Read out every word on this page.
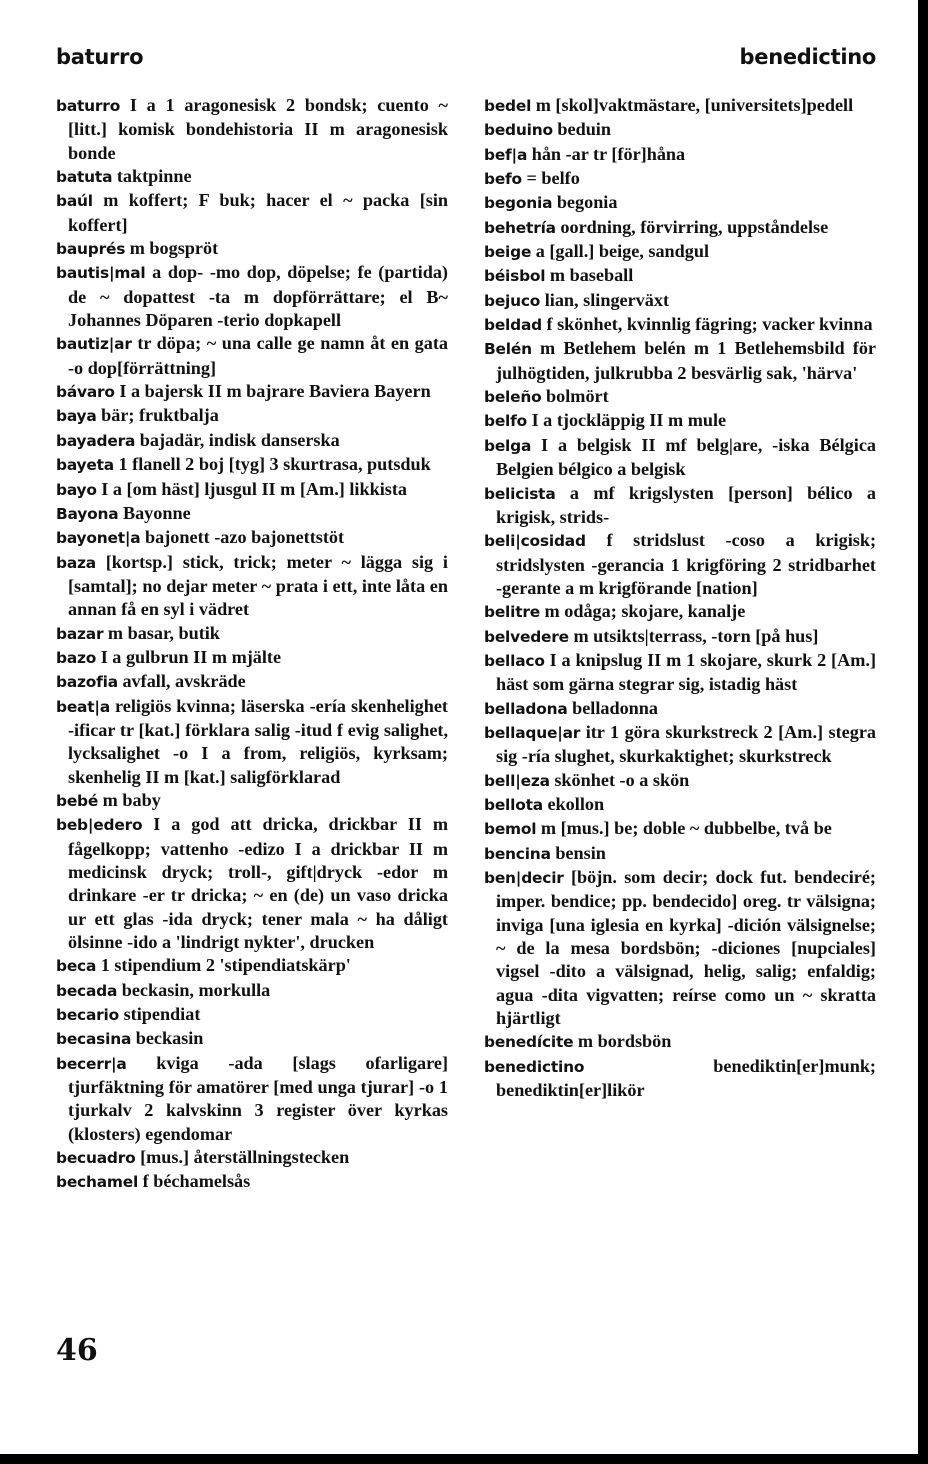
baturro	benedictino

baturro I a 1 aragonesisk 2 bondsk; cuento ~ [litt.] komisk bondehistoria II m aragonesisk bonde

batuta taktpinne

baúl m koffert; F buk; hacer el ~ packa [sin koffert]

bauprés m bogspröt

bautis|mal a dop- -mo dop, döpelse; fe (partida) de ~ dopattest -ta m dopförrättare; el B~ Johannes Döparen -terio dopkapell

bautiz|ar tr döpa; ~ una calle ge namn åt en gata -o dop[förrättning]

bávaro I a bajersk II m bajrare Baviera Bayern

baya bär; fruktbalja

bayadera bajadär, indisk danserska

bayeta 1 flanell 2 boj [tyg] 3 skurtrasa, putsduk

bayo I a [om häst] ljusgul II m [Am.] likkista

Bayona Bayonne

bayonet|a bajonett -azo bajonettstöt

baza [kortsp.] stick, trick; meter ~ lägga sig i [samtal]; no dejar meter ~ prata i ett, inte låta en annan få en syl i vädret

bazar m basar, butik

bazo I a gulbrun II m mjälte

bazofia avfall, avskräde

beat|a religiös kvinna; läserska -ería skenhelighet -ificar tr [kat.] förklara salig -itud f evig salighet, lycksalighet -o I a from, religiös, kyrksam; skenhelig II m [kat.] saligförklarad

bebé m baby

beb|edero I a god att dricka, drickbar II m fågelkopp; vattenho -edizo I a drickbar II m medicinsk dryck; troll-, gift|dryck -edor m drinkare -er tr dricka; ~ en (de) un vaso dricka ur ett glas -ida dryck; tener mala ~ ha dåligt ölsinne -ido a 'lindrigt nykter', drucken

beca 1 stipendium 2 'stipendiatskärp'

becada beckasin, morkulla

becario stipendiat

becasina beckasin

becerr|a kviga -ada [slags ofarligare] tjurfäktning för amatörer [med unga tjurar] -o 1 tjurkalv 2 kalvskinn 3 register över kyrkas (klosters) egendomar

becuadro [mus.] återställningstecken

bechamel f béchamelsås

bedel m [skol]vaktmästare, [universitets]pedell

beduino beduin

bef|a hån -ar tr [för]håna

befo = belfo

begonia begonia

behetría oordning, förvirring, uppståndelse

beige a [gall.] beige, sandgul

béisbol m baseball

bejuco lian, slingerväxt

beldad f skönhet, kvinnlig fägring; vacker kvinna

Belén m Betlehem belén m 1 Betlehemsbild för julhögtiden, julkrubba 2 besvärlig sak, 'härva'

beleño bolmört

belfo I a tjockläppig II m mule

belga I a belgisk II mf belg|are, -iska Bélgica Belgien bélgico a belgisk

belicista a mf krigslysten [person] bélico a krigisk, strids-

beli|cosidad f stridslust -coso a krigisk; stridslysten -gerancia 1 krigföring 2 stridbarhet -gerante a m krigförande [nation]

belitre m odåga; skojare, kanalje

belvedere m utsikts|terrass, -torn [på hus]

bellaco I a knipslug II m 1 skojare, skurk 2 [Am.] häst som gärna stegrar sig, istadig häst

belladona belladonna

bellaque|ar itr 1 göra skurkstreck 2 [Am.] stegra sig -ría slughet, skurkaktighet; skurkstreck

bell|eza skönhet -o a skön

bellota ekollon

bemol m [mus.] be; doble ~ dubbelbe, två be

bencina bensin

ben|decir [böjn. som decir; dock fut. bendeciré; imper. bendice; pp. bendecido] oreg. tr välsigna; inviga [una iglesia en kyrka] -dición välsignelse; ~ de la mesa bordsbön; -diciones [nupciales] vigsel -dito a välsignad, helig, salig; enfaldig; agua -dita vigvatten; reírse como un ~ skratta hjärtligt

benedícite m bordsbön

benedictino	benediktin[er]munk; benediktin[er]likör

46
